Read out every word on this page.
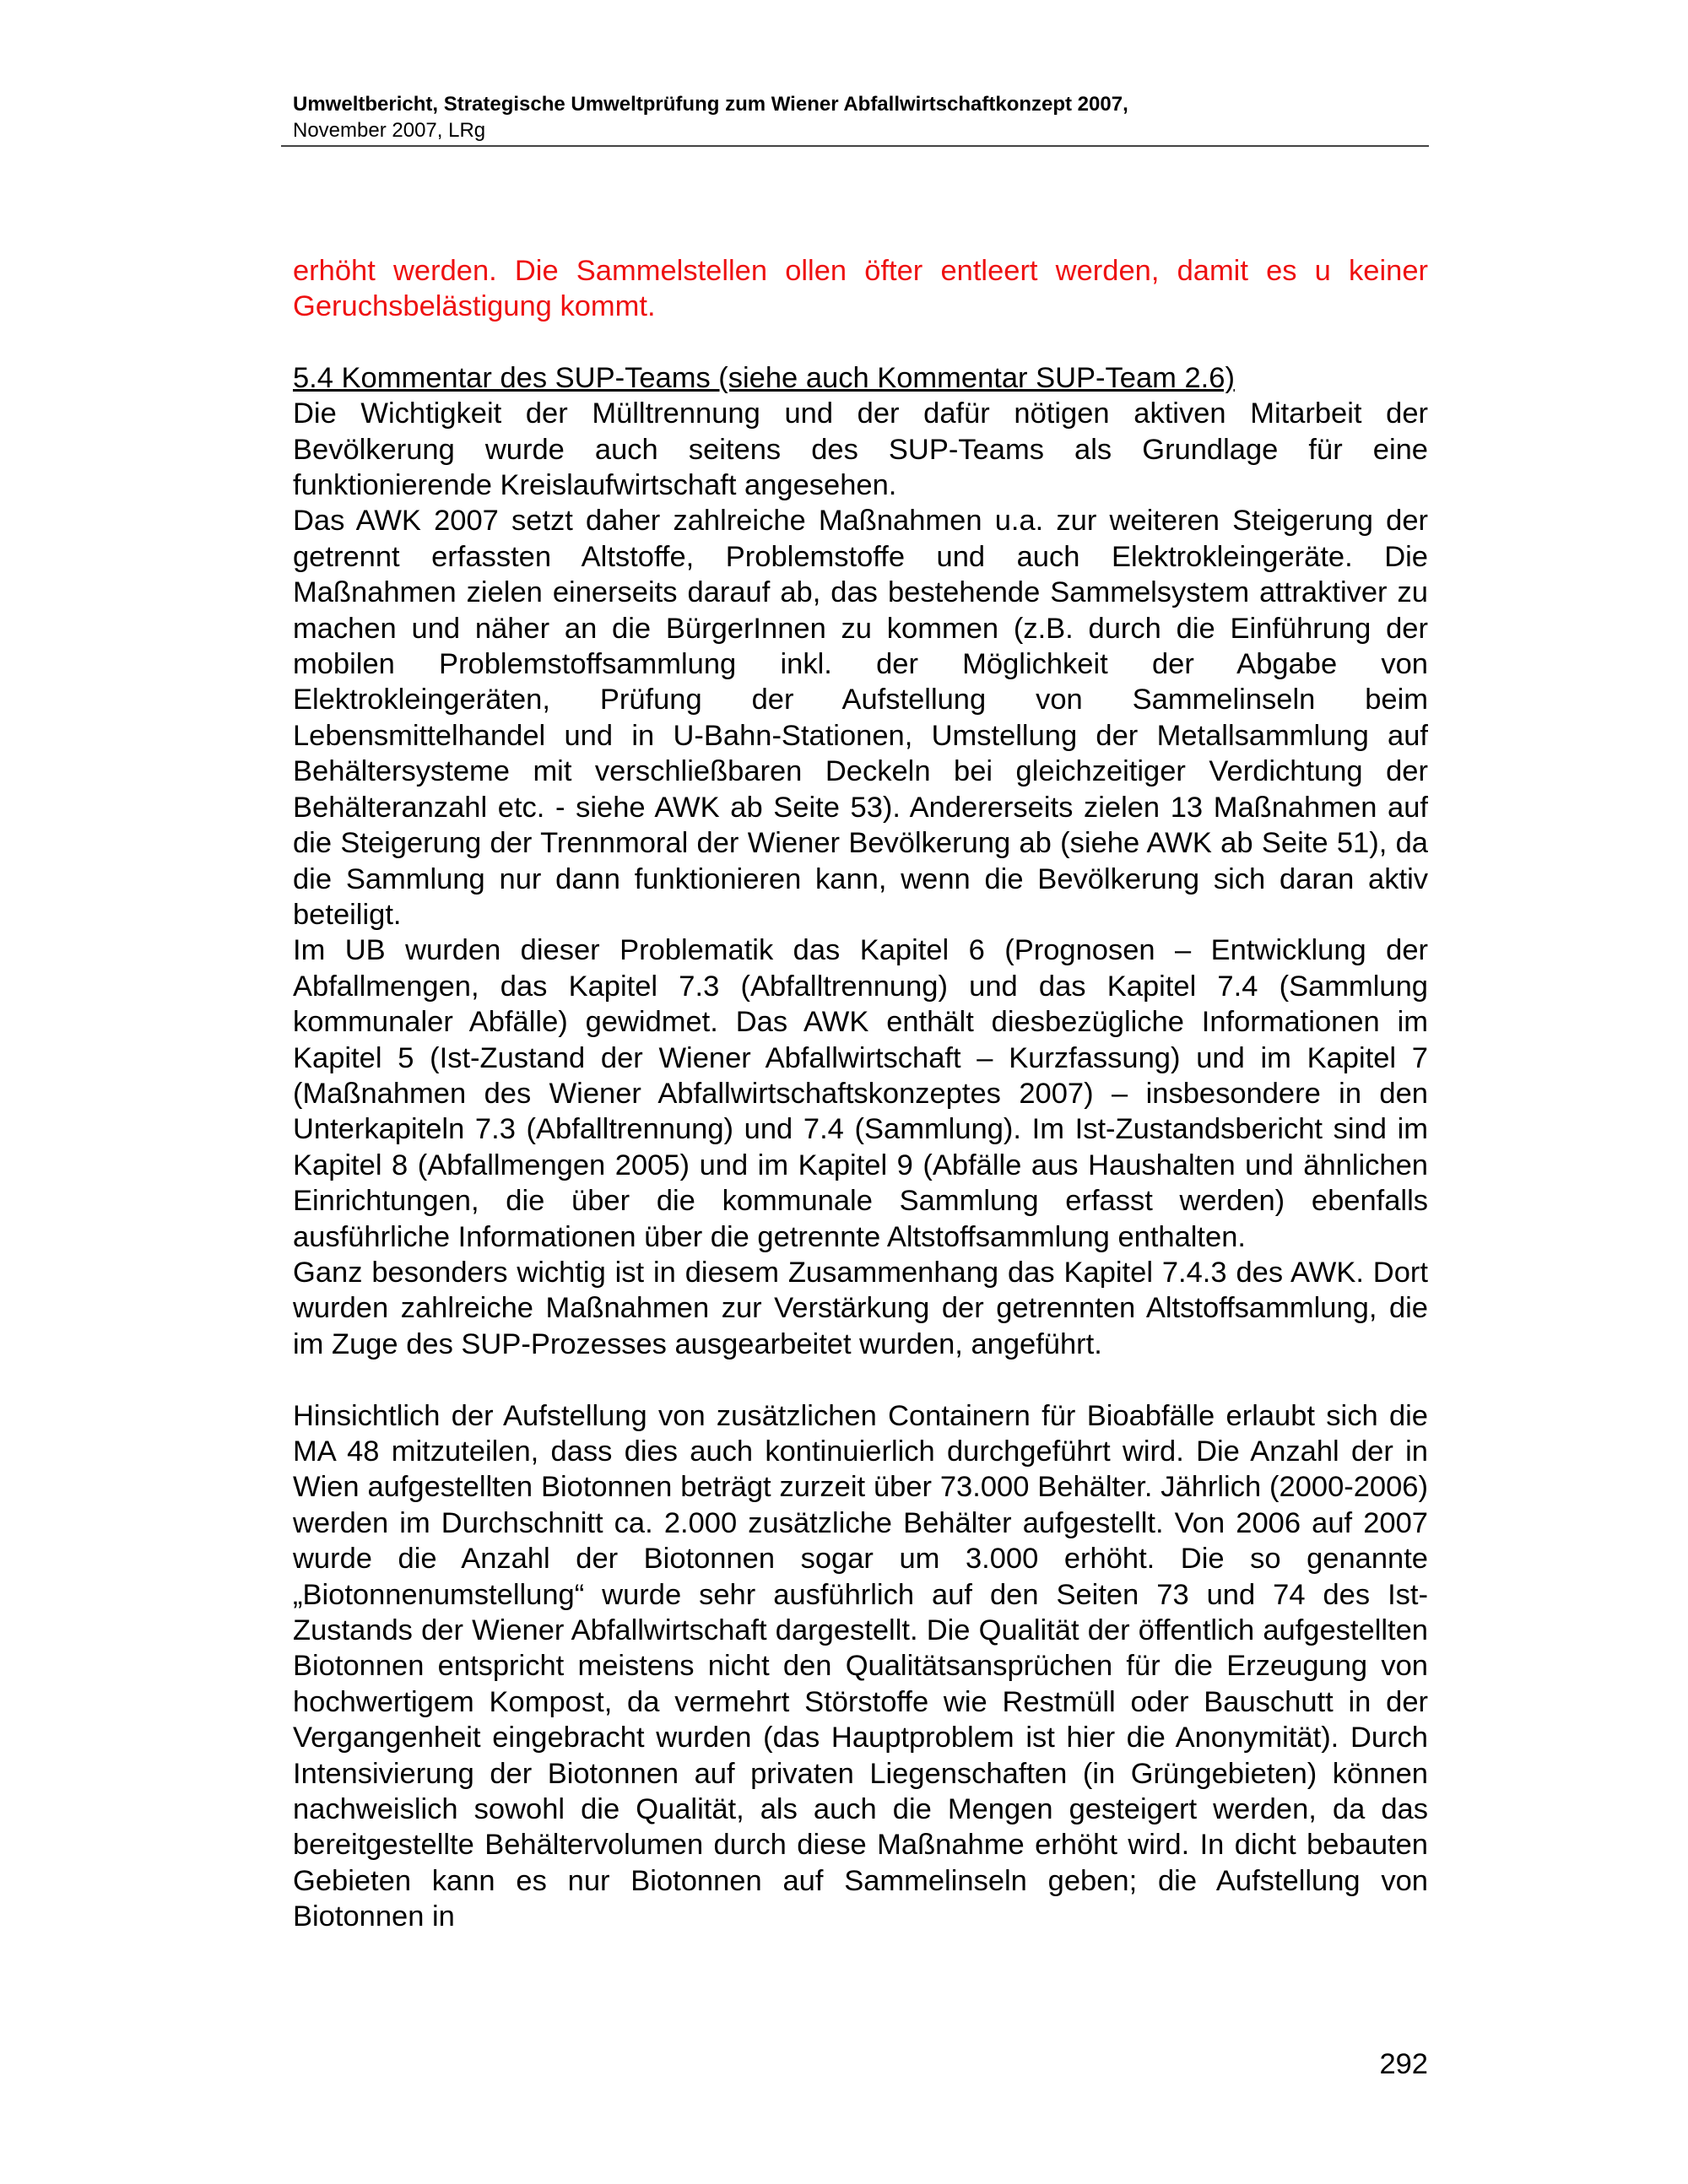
Umweltbericht, Strategische Umweltprüfung zum Wiener Abfallwirtschaftkonzept 2007,
November 2007, LRg

erhöht werden. Die Sammelstellen ollen öfter entleert werden, damit es u keiner Geruchsbelästigung kommt.

5.4 Kommentar des SUP-Teams (siehe auch Kommentar SUP-Team 2.6)

Die Wichtigkeit der Mülltrennung und der dafür nötigen aktiven Mitarbeit der Bevölkerung wurde auch seitens des SUP-Teams als Grundlage für eine funktionierende Kreislaufwirtschaft angesehen.

Das AWK 2007 setzt daher zahlreiche Maßnahmen u.a. zur weiteren Steigerung der getrennt erfassten Altstoffe, Problemstoffe und auch Elektrokleingeräte. Die Maßnahmen zielen einerseits darauf ab, das bestehende Sammelsystem attraktiver zu machen und näher an die BürgerInnen zu kommen (z.B. durch die Einführung der mobilen Problemstoffsammlung inkl. der Möglichkeit der Abgabe von Elektrokleingeräten, Prüfung der Aufstellung von Sammelinseln beim Lebensmittelhandel und in U-Bahn-Stationen, Umstellung der Metallsammlung auf Behältersysteme mit verschließbaren Deckeln bei gleichzeitiger Verdichtung der Behälteranzahl etc. - siehe AWK ab Seite 53). Andererseits zielen 13 Maßnahmen auf die Steigerung der Trennmoral der Wiener Bevölkerung ab (siehe AWK ab Seite 51), da die Sammlung nur dann funktionieren kann, wenn die Bevölkerung sich daran aktiv beteiligt.

Im UB wurden dieser Problematik das Kapitel 6 (Prognosen – Entwicklung der Abfallmengen, das Kapitel 7.3 (Abfalltrennung) und das Kapitel 7.4 (Sammlung kommunaler Abfälle) gewidmet. Das AWK enthält diesbezügliche Informationen im Kapitel 5 (Ist-Zustand der Wiener Abfallwirtschaft – Kurzfassung) und im Kapitel 7 (Maßnahmen des Wiener Abfallwirtschaftskonzeptes 2007) – insbesondere in den Unterkapiteln 7.3 (Abfalltrennung) und 7.4 (Sammlung). Im Ist-Zustandsbericht sind im Kapitel 8 (Abfallmengen 2005) und im Kapitel 9 (Abfälle aus Haushalten und ähnlichen Einrichtungen, die über die kommunale Sammlung erfasst werden) ebenfalls ausführliche Informationen über die getrennte Altstoffsammlung enthalten.

Ganz besonders wichtig ist in diesem Zusammenhang das Kapitel 7.4.3 des AWK. Dort wurden zahlreiche Maßnahmen zur Verstärkung der getrennten Altstoffsammlung, die im Zuge des SUP-Prozesses ausgearbeitet wurden, angeführt.

Hinsichtlich der Aufstellung von zusätzlichen Containern für Bioabfälle erlaubt sich die MA 48 mitzuteilen, dass dies auch kontinuierlich durchgeführt wird. Die Anzahl der in Wien aufgestellten Biotonnen beträgt zurzeit über 73.000 Behälter. Jährlich (2000-2006) werden im Durchschnitt ca. 2.000 zusätzliche Behälter aufgestellt. Von 2006 auf 2007 wurde die Anzahl der Biotonnen sogar um 3.000 erhöht. Die so genannte „Biotonnenumstellung“ wurde sehr ausführlich auf den Seiten 73 und 74 des Ist-Zustands der Wiener Abfallwirtschaft dargestellt. Die Qualität der öffentlich aufgestellten Biotonnen entspricht meistens nicht den Qualitätsansprüchen für die Erzeugung von hochwertigem Kompost, da vermehrt Störstoffe wie Restmüll oder Bauschutt in der Vergangenheit eingebracht wurden (das Hauptproblem ist hier die Anonymität). Durch Intensivierung der Biotonnen auf privaten Liegenschaften (in Grüngebieten) können nachweislich sowohl die Qualität, als auch die Mengen gesteigert werden, da das bereitgestellte Behältervolumen durch diese Maßnahme erhöht wird. In dicht bebauten Gebieten kann es nur Biotonnen auf Sammelinseln geben; die Aufstellung von Biotonnen in

292
